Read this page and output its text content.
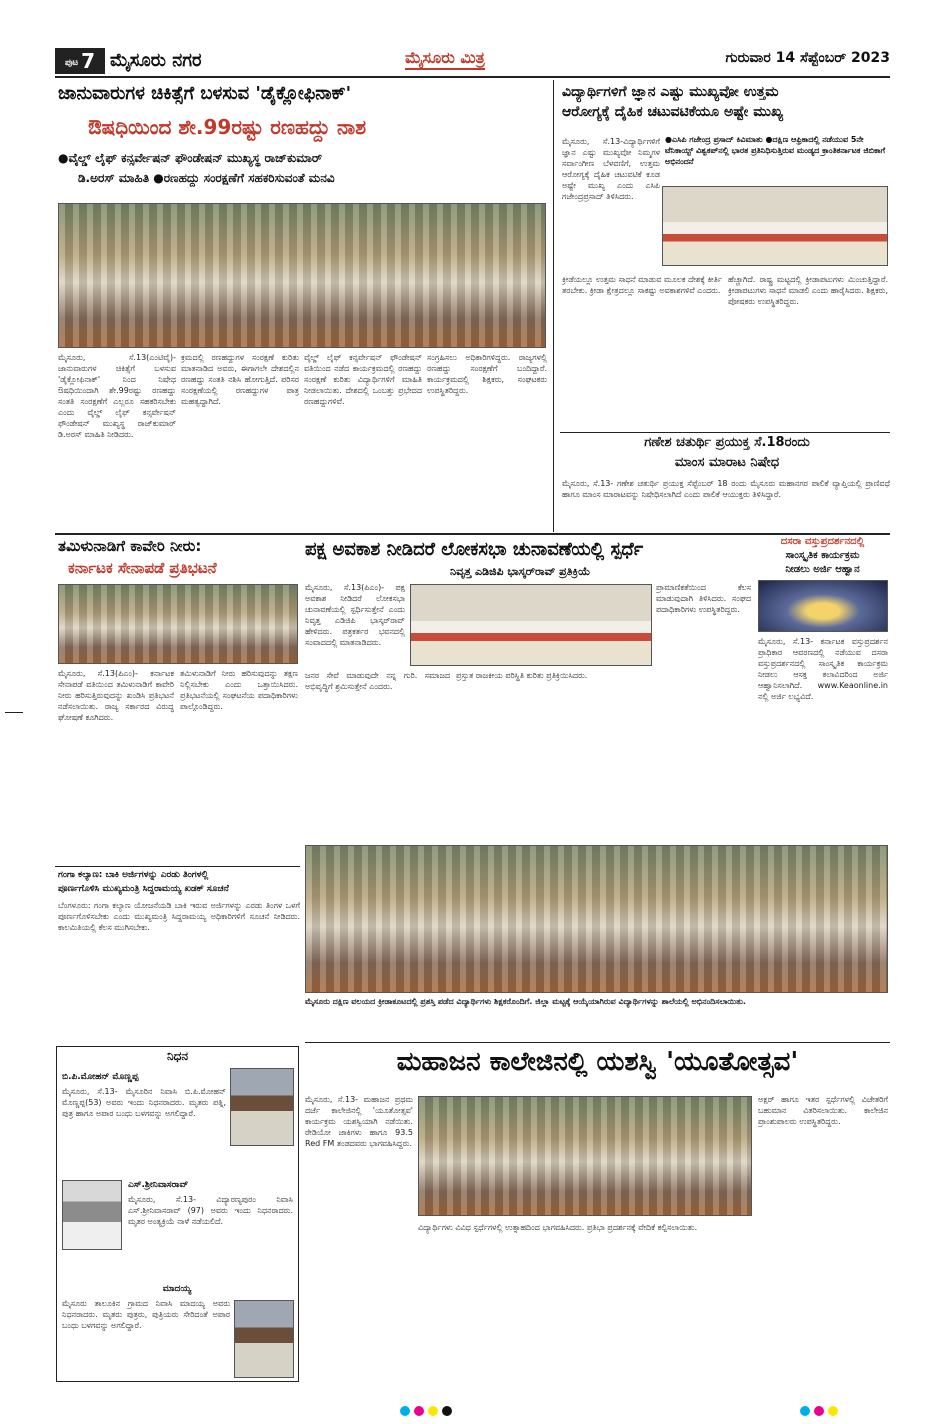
ಪುಟ 7 ಮೈಸೂರು ನಗರ	ಮೈಸೂರು ಮಿತ್ರ	ಗುರುವಾರ 14 ಸೆಪ್ಟೆಂಬರ್ 2023
ಜಾನುವಾರುಗಳ ಚಿಕಿತ್ಸೆಗೆ ಬಳಸುವ 'ಡೈಕ್ಲೋಫಿನಾಕ್'
ಔಷಧಿಯಿಂದ ಶೇ.99ರಷ್ಟು ರಣಹದ್ದು ನಾಶ
●ವೈಲ್ಡ್ ಲೈಫ್ ಕನ್ಸರ್ವೇಷನ್ ಫೌಂಡೇಷನ್ ಮುಖ್ಯಸ್ಥ ರಾಜ್‌ಕುಮಾರ್
ಡಿ.ಅರಸ್ ಮಾಹಿತಿ ●ರಣಹದ್ದು ಸಂರಕ್ಷಣೆಗೆ ಸಹಕರಿಸುವಂತೆ ಮನವಿ
ಮೈಸೂರು, ಸೆ.13(ಎಂಟಿವೈ)- ಜಾನುವಾರುಗಳ ಚಿಕಿತ್ಸೆಗೆ ಬಳಸುವ 'ಡೈಕ್ಲೋಫಿನಾಕ್' ನಿಂದ ನಿಷೇಧ ಔಷಧಿಯಿಂದಾಗಿ ಶೇ.99ರಷ್ಟು ರಣಹದ್ದು ಸಂತತಿ ಸಂರಕ್ಷಣೆಗೆ ಎಲ್ಲರೂ ಸಹಕರಿಸಬೇಕು ಎಂದು ವೈಲ್ಡ್ ಲೈಫ್ ಕನ್ಸರ್ವೇಷನ್ ಫೌಂಡೇಷನ್ ಮುಖ್ಯಸ್ಥ ರಾಜ್‌ಕುಮಾರ್ ಡಿ.ಅರಸ್ ಮಾಹಿತಿ ನೀಡಿದರು.
ಕ್ರಮದಲ್ಲಿ ರಣಹದ್ದುಗಳ ಸಂರಕ್ಷಣೆ ಕುರಿತು ಮಾತನಾಡಿದ ಅವರು, ಈಗಾಗಲೇ ದೇಶದಲ್ಲಿನ ರಣಹದ್ದು ಸಂತತಿ ನಶಿಸಿ ಹೋಗುತ್ತಿದೆ. ಪರಿಸರ ಸಂರಕ್ಷಣೆಯಲ್ಲಿ ರಣಹದ್ದುಗಳ ಪಾತ್ರ ಮಹತ್ವದ್ದಾಗಿದೆ.
ವೈಲ್ಡ್ ಲೈಫ್ ಕನ್ಸರ್ವೇಷನ್ ಫೌಂಡೇಷನ್ ವತಿಯಿಂದ ನಡೆದ ಕಾರ್ಯಕ್ರಮದಲ್ಲಿ ರಣಹದ್ದು ಸಂರಕ್ಷಣೆ ಕುರಿತು ವಿದ್ಯಾರ್ಥಿಗಳಿಗೆ ಮಾಹಿತಿ ನೀಡಲಾಯಿತು. ದೇಶದಲ್ಲಿ ಒಂಬತ್ತು ಪ್ರಭೇದದ ರಣಹದ್ದುಗಳಿವೆ.
ಸಂಗ್ರಹಿಸಲು ಅಧಿಕಾರಿಗಳಿದ್ದರು. ರಾಜ್ಯಗಳಲ್ಲಿ ರಣಹದ್ದು ಸಂರಕ್ಷಣೆಗೆ ಬಂದಿದ್ದಾರೆ. ಕಾರ್ಯಕ್ರಮದಲ್ಲಿ ಶಿಕ್ಷಕರು, ಸಂಘಟಕರು ಉಪಸ್ಥಿತರಿದ್ದರು.
ವಿದ್ಯಾರ್ಥಿಗಳಿಗೆ ಜ್ಞಾನ ಎಷ್ಟು ಮುಖ್ಯವೋ ಉತ್ತಮ
ಆರೋಗ್ಯಕ್ಕೆ ದೈಹಿಕ ಚಟುವಟಿಕೆಯೂ ಅಷ್ಟೇ ಮುಖ್ಯ
●ಎಸಿಪಿ ಗಜೇಂದ್ರ ಪ್ರಸಾದ್ ಕಿವಿಮಾತು ●ದಕ್ಷಿಣ ಆಫ್ರಿಕಾದಲ್ಲಿ ನಡೆಯುವ 5ನೇ ಟೆನಿಕಾಯ್ಟ್ ವಿಶ್ವಕಪ್‌ನಲ್ಲಿ ಭಾರತ ಪ್ರತಿನಿಧಿಸುತ್ತಿರುವ ಮಂಡ್ಯದ ಕ್ರಾಂತಿಕರ್ನಾಟಕ ಜಿಬಿಕಾಗೆ ಅಭಿನಂದನೆ
ಮೈಸೂರು, ಸೆ.13-ವಿದ್ಯಾರ್ಥಿಗಳಿಗೆ ಜ್ಞಾನ ಎಷ್ಟು ಮುಖ್ಯವೋ ನಿಮ್ಮಗಳ ಸರ್ವಾಂಗೀಣ ಬೆಳವಣಿಗೆ, ಉತ್ತಮ ಆರೋಗ್ಯಕ್ಕೆ ದೈಹಿಕ ಚಟುವಟಿಕೆ ಕೂಡ ಅಷ್ಟೇ ಮುಖ್ಯ ಎಂದು ಎಸಿಪಿ ಗಜೇಂದ್ರಪ್ರಸಾದ್ ತಿಳಿಸಿದರು.
ಕ್ರೀಡೆಯಲ್ಲೂ ಉತ್ತಮ ಸಾಧನೆ ಮಾಡುವ ಮೂಲಕ ದೇಶಕ್ಕೆ ಕೀರ್ತಿ ತರಬೇಕು. ಕ್ರೀಡಾ ಕ್ಷೇತ್ರದಲ್ಲೂ ಸಾಕಷ್ಟು ಅವಕಾಶಗಳಿವೆ ಎಂದರು.
ಹೆಚ್ಚಾಗಿದೆ. ರಾಷ್ಟ್ರ ಮಟ್ಟದಲ್ಲಿ ಕ್ರೀಡಾಪಟುಗಳು ಮಿಂಚುತ್ತಿದ್ದಾರೆ. ಕ್ರೀಡಾಪಟುಗಳು ಸಾಧನೆ ಮಾಡಲಿ ಎಂದು ಹಾರೈಸಿದರು. ಶಿಕ್ಷಕರು, ಪೋಷಕರು ಉಪಸ್ಥಿತರಿದ್ದರು.
ಗಣೇಶ ಚತುರ್ಥಿ ಪ್ರಯುಕ್ತ ಸೆ.18ರಂದು
ಮಾಂಸ ಮಾರಾಟ ನಿಷೇಧ
ಮೈಸೂರು, ಸೆ.13- ಗಣೇಶ ಚತುರ್ಥಿ ಪ್ರಯುಕ್ತ ಸೆಪ್ಟೆಂಬರ್ 18 ರಂದು ಮೈಸೂರು ಮಹಾನಗರ ಪಾಲಿಕೆ ವ್ಯಾಪ್ತಿಯಲ್ಲಿ ಪ್ರಾಣಿವಧೆ ಹಾಗೂ ಮಾಂಸ ಮಾರಾಟವನ್ನು ನಿಷೇಧಿಸಲಾಗಿದೆ ಎಂದು ಪಾಲಿಕೆ ಆಯುಕ್ತರು ತಿಳಿಸಿದ್ದಾರೆ.
ದಸರಾ ವಸ್ತುಪ್ರದರ್ಶನದಲ್ಲಿ
ಸಾಂಸ್ಕೃತಿಕ ಕಾರ್ಯಕ್ರಮ
ನೀಡಲು ಅರ್ಜಿ ಆಹ್ವಾನ
ಮೈಸೂರು, ಸೆ.13- ಕರ್ನಾಟಕ ವಸ್ತುಪ್ರದರ್ಶನ ಪ್ರಾಧಿಕಾರ ಆವರಣದಲ್ಲಿ ನಡೆಯುವ ದಸರಾ ವಸ್ತುಪ್ರದರ್ಶನದಲ್ಲಿ ಸಾಂಸ್ಕೃತಿಕ ಕಾರ್ಯಕ್ರಮ ನೀಡಲು ಆಸಕ್ತ ಕಲಾವಿದರಿಂದ ಅರ್ಜಿ ಆಹ್ವಾನಿಸಲಾಗಿದೆ. www.Keaonline.in ನಲ್ಲಿ ಅರ್ಜಿ ಲಭ್ಯವಿದೆ.
ತಮಿಳುನಾಡಿಗೆ ಕಾವೇರಿ ನೀರು:
ಕರ್ನಾಟಕ ಸೇನಾಪಡೆ ಪ್ರತಿಭಟನೆ
ಮೈಸೂರು, ಸೆ.13(ಪಿಎಂ)- ಕರ್ನಾಟಕ ಸೇನಾಪಡೆ ವತಿಯಿಂದ ತಮಿಳುನಾಡಿಗೆ ಕಾವೇರಿ ನೀರು ಹರಿಸುತ್ತಿರುವುದನ್ನು ಖಂಡಿಸಿ ಪ್ರತಿಭಟನೆ ನಡೆಸಲಾಯಿತು. ರಾಜ್ಯ ಸರ್ಕಾರದ ವಿರುದ್ಧ ಘೋಷಣೆ ಕೂಗಿದರು.
ತಮಿಳುನಾಡಿಗೆ ನೀರು ಹರಿಸುವುದನ್ನು ತಕ್ಷಣ ನಿಲ್ಲಿಸಬೇಕು ಎಂದು ಒತ್ತಾಯಿಸಿದರು. ಪ್ರತಿಭಟನೆಯಲ್ಲಿ ಸಂಘಟನೆಯ ಪದಾಧಿಕಾರಿಗಳು ಪಾಲ್ಗೊಂಡಿದ್ದರು.
ಪಕ್ಷ ಅವಕಾಶ ನೀಡಿದರೆ ಲೋಕಸಭಾ ಚುನಾವಣೆಯಲ್ಲಿ ಸ್ಪರ್ಧೆ
ನಿವೃತ್ತ ಎಡಿಜಿಪಿ ಭಾಸ್ಕರ್‌ರಾವ್ ಪ್ರತಿಕ್ರಿಯೆ
ಮೈಸೂರು, ಸೆ.13(ಪಿಎಂ)- ಪಕ್ಷ ಅವಕಾಶ ನೀಡಿದರೆ ಲೋಕಸಭಾ ಚುನಾವಣೆಯಲ್ಲಿ ಸ್ಪರ್ಧಿಸುತ್ತೇನೆ ಎಂದು ನಿವೃತ್ತ ಎಡಿಜಿಪಿ ಭಾಸ್ಕರ್‌ರಾವ್ ಹೇಳಿದರು. ಪತ್ರಕರ್ತರ ಭವನದಲ್ಲಿ ಸಂವಾದದಲ್ಲಿ ಮಾತನಾಡಿದರು.
ಪ್ರಾಮಾಣಿಕತೆಯಿಂದ ಕೆಲಸ ಮಾಡುವುದಾಗಿ ತಿಳಿಸಿದರು. ಸಂಘದ ಪದಾಧಿಕಾರಿಗಳು ಉಪಸ್ಥಿತರಿದ್ದರು.
ಜನರ ಸೇವೆ ಮಾಡುವುದೇ ನನ್ನ ಗುರಿ. ಸಮಾಜದ ಅಭಿವೃದ್ಧಿಗೆ ಶ್ರಮಿಸುತ್ತೇನೆ ಎಂದರು.
ಪ್ರಸ್ತುತ ರಾಜಕೀಯ ಪರಿಸ್ಥಿತಿ ಕುರಿತು ಪ್ರತಿಕ್ರಿಯಿಸಿದರು.
ಮೈಸೂರು ದಕ್ಷಿಣ ವಲಯದ ಕ್ರೀಡಾಕೂಟದಲ್ಲಿ ಪ್ರಶಸ್ತಿ ಪಡೆದ ವಿದ್ಯಾರ್ಥಿಗಳು ಶಿಕ್ಷಕರೊಂದಿಗೆ. ಜಿಲ್ಲಾ ಮಟ್ಟಕ್ಕೆ ಆಯ್ಕೆಯಾಗಿರುವ ವಿದ್ಯಾರ್ಥಿಗಳನ್ನು ಶಾಲೆಯಲ್ಲಿ ಅಭಿನಂದಿಸಲಾಯಿತು.
ಗಂಗಾ ಕಲ್ಯಾಣ: ಬಾಕಿ ಅರ್ಜಿಗಳನ್ನು ಎರಡು ತಿಂಗಳಲ್ಲಿ
ಪೂರ್ಣಗೊಳಿಸಿ ಮುಖ್ಯಮಂತ್ರಿ ಸಿದ್ದರಾಮಯ್ಯ ಖಡಕ್ ಸೂಚನೆ
ಬೆಂಗಳೂರು: ಗಂಗಾ ಕಲ್ಯಾಣ ಯೋಜನೆಯಡಿ ಬಾಕಿ ಇರುವ ಅರ್ಜಿಗಳನ್ನು ಎರಡು ತಿಂಗಳ ಒಳಗೆ ಪೂರ್ಣಗೊಳಿಸಬೇಕು ಎಂದು ಮುಖ್ಯಮಂತ್ರಿ ಸಿದ್ದರಾಮಯ್ಯ ಅಧಿಕಾರಿಗಳಿಗೆ ಸೂಚನೆ ನೀಡಿದರು. ಕಾಲಮಿತಿಯಲ್ಲಿ ಕೆಲಸ ಮುಗಿಸಬೇಕು.
ನಿಧನ
ಬಿ.ಪಿ.ಮೋಹನ್ ಮೊಣ್ಣಪ್ಪ
ಮೈಸೂರು, ಸೆ.13- ಮೈಸೂರಿನ ನಿವಾಸಿ ಬಿ.ಪಿ.ಮೋಹನ್ ಮೊಣ್ಣಪ್ಪ(53) ಅವರು ಇಂದು ನಿಧನರಾದರು. ಮೃತರು ಪತ್ನಿ, ಪುತ್ರ ಹಾಗೂ ಅಪಾರ ಬಂಧು ಬಳಗವನ್ನು ಅಗಲಿದ್ದಾರೆ.
ಎಸ್.ಶ್ರೀನಿವಾಸರಾವ್
ಮೈಸೂರು, ಸೆ.13- ವಿದ್ಯಾರಣ್ಯಪುರಂ ನಿವಾಸಿ ಎಸ್.ಶ್ರೀನಿವಾಸರಾವ್ (97) ಅವರು ಇಂದು ನಿಧನರಾದರು. ಮೃತರ ಅಂತ್ಯಕ್ರಿಯೆ ನಾಳೆ ನಡೆಯಲಿದೆ.
ಮಾದಯ್ಯ
ಮೈಸೂರು ತಾಲೂಕಿನ ಗ್ರಾಮದ ನಿವಾಸಿ ಮಾದಯ್ಯ ಅವರು ನಿಧನರಾದರು. ಮೃತರು ಪುತ್ರರು, ಪುತ್ರಿಯರು ಸೇರಿದಂತೆ ಅಪಾರ ಬಂಧು ಬಳಗವನ್ನು ಅಗಲಿದ್ದಾರೆ.
ಮಹಾಜನ ಕಾಲೇಜಿನಲ್ಲಿ ಯಶಸ್ವಿ 'ಯೂತೋತ್ಸವ'
ಮೈಸೂರು, ಸೆ.13- ಮಹಾಜನ ಪ್ರಥಮ ದರ್ಜೆ ಕಾಲೇಜಿನಲ್ಲಿ 'ಯೂತೋತ್ಸವ' ಕಾರ್ಯಕ್ರಮ ಯಶಸ್ವಿಯಾಗಿ ನಡೆಯಿತು. ರೇಡಿಯೋ ಜಾಕಿಗಳು ಹಾಗೂ 93.5 Red FM ತಂಡದವರು ಭಾಗವಹಿಸಿದ್ದರು.
ವಿದ್ಯಾರ್ಥಿಗಳು ವಿವಿಧ ಸ್ಪರ್ಧೆಗಳಲ್ಲಿ ಉತ್ಸಾಹದಿಂದ ಭಾಗವಹಿಸಿದರು. ಪ್ರತಿಭಾ ಪ್ರದರ್ಶನಕ್ಕೆ ವೇದಿಕೆ ಕಲ್ಪಿಸಲಾಯಿತು.
ಅಕ್ಷರ್ ಹಾಗೂ ಇತರ ಸ್ಪರ್ಧೆಗಳಲ್ಲಿ ವಿಜೇತರಿಗೆ ಬಹುಮಾನ ವಿತರಿಸಲಾಯಿತು. ಕಾಲೇಜಿನ ಪ್ರಾಂಶುಪಾಲರು ಉಪಸ್ಥಿತರಿದ್ದರು.
